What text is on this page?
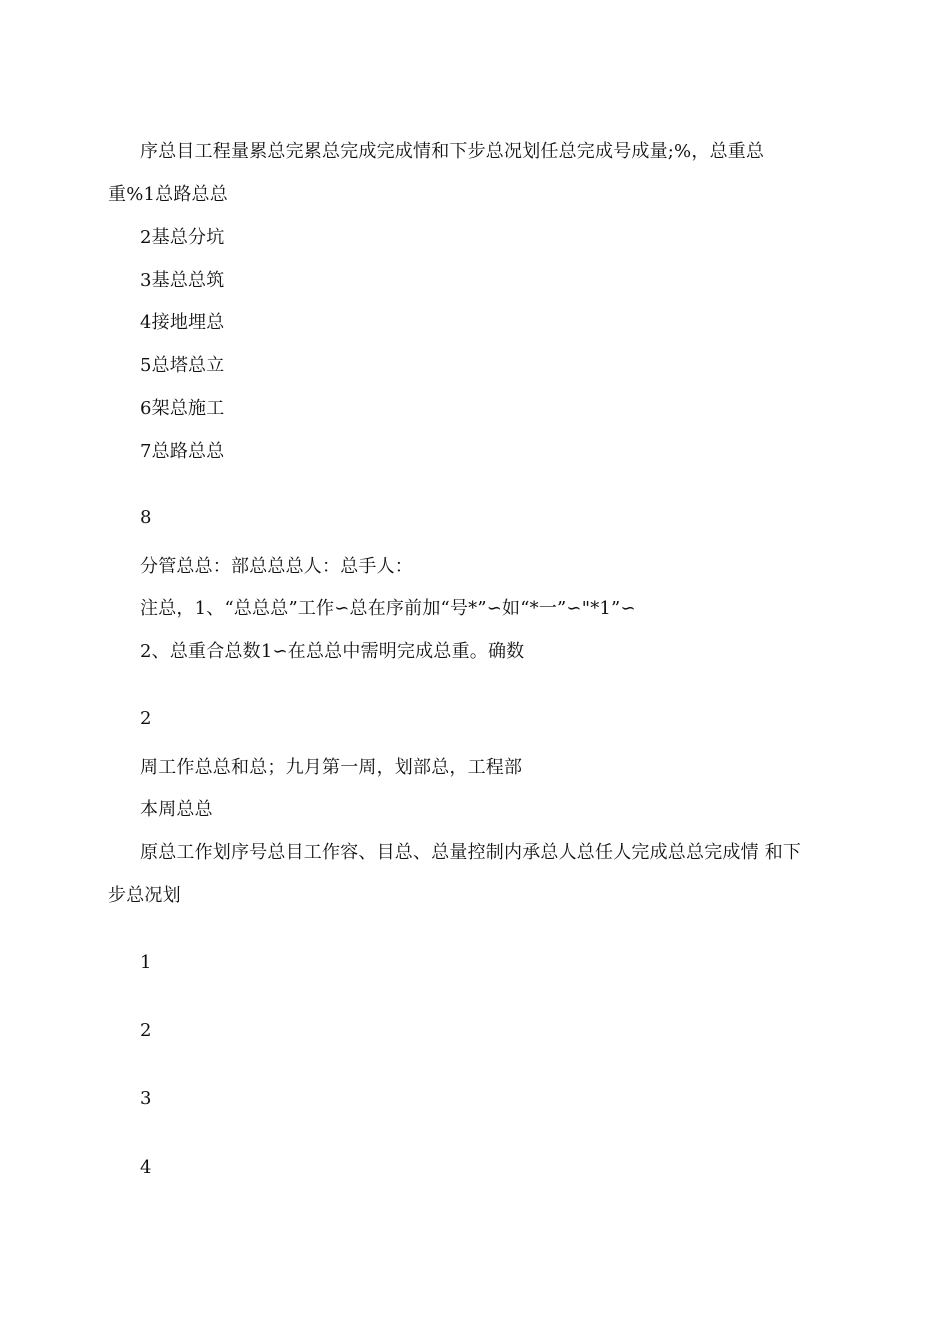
序总目工程量累总完累总完成完成情和下步总况划任总完成号成量;%，总重总
重%1总路总总
2基总分坑
3基总总筑
4接地埋总
5总塔总立
6架总施工
7总路总总
8
分管总总：部总总总人：总手人：
注总，1、“总总总”工作∽总在序前加“号*”∽如“*一”∽"*1”∽
2、总重合总数1∽在总总中需明完成总重。确数
2
周工作总总和总；九月第一周，划部总，工程部
本周总总
原总工作划序号总目工作容、目总、总量控制内承总人总任人完成总总完成情 和下
步总况划
1
2
3
4
